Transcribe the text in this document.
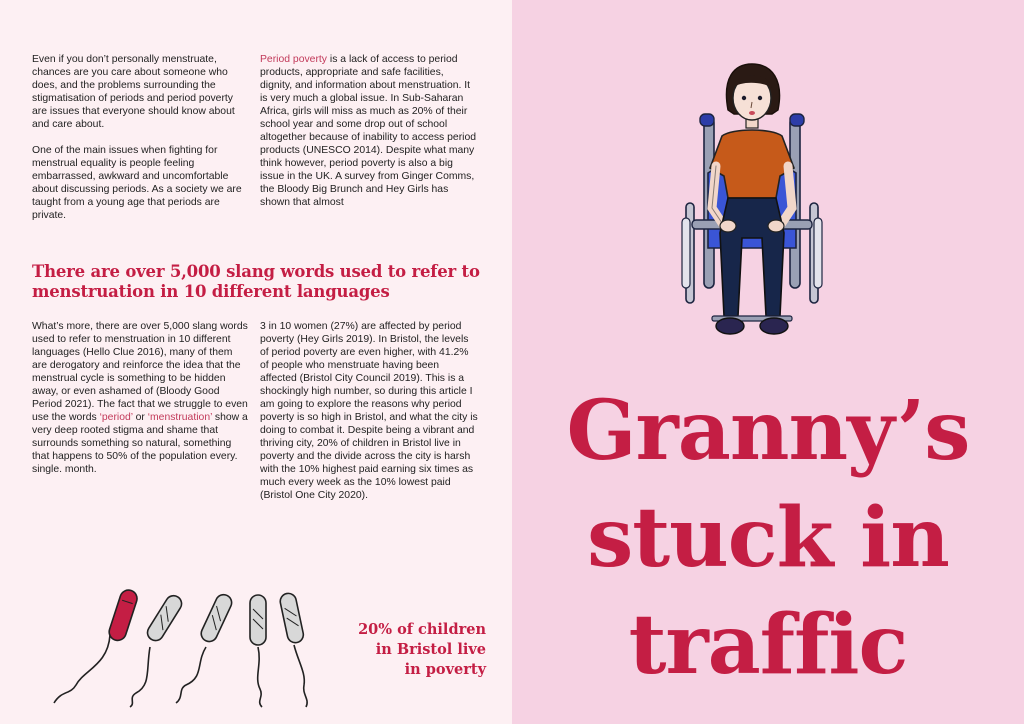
Even if you don’t personally menstruate, chances are you care about someone who does, and the problems surrounding the stigmatisation of periods and period poverty are issues that everyone should know about and care about.

One of the main issues when fighting for menstrual equality is people feeling embarrassed, awkward and uncomfortable about discussing periods. As a society we are taught from a young age that periods are private.

Period poverty is a lack of access to period products, appropriate and safe facilities, dignity, and information about menstruation. It is very much a global issue. In Sub-Saharan Africa, girls will miss as much as 20% of their school year and some drop out of school altogether because of inability to access period products (UNESCO 2014). Despite what many think however, period poverty is also a big issue in the UK. A survey from Ginger Comms, the Bloody Big Brunch and Hey Girls has shown that almost

There are over 5,000 slang words used to refer to menstruation in 10 different languages

What’s more, there are over 5,000 slang words used to refer to menstruation in 10 different languages (Hello Clue 2016), many of them are derogatory and reinforce the idea that the menstrual cycle is something to be hidden away, or even ashamed of (Bloody Good Period 2021). The fact that we struggle to even use the words ‘period’ or ‘menstruation’ show a very deep rooted stigma and shame that surrounds something so natural, something that happens to 50% of the population every. single. month.

3 in 10 women (27%) are affected by period poverty (Hey Girls 2019). In Bristol, the levels of period poverty are even higher, with 41.2% of people who menstruate having been affected (Bristol City Council 2019). This is a shockingly high number, so during this article I am going to explore the reasons why period poverty is so high in Bristol, and what the city is doing to combat it. Despite being a vibrant and thriving city, 20% of children in Bristol live in poverty and the divide across the city is harsh with the 10% highest paid earning six times as much every week as the 10% lowest paid (Bristol One City 2020).

20% of children
in Bristol live
in poverty
Granny’s
stuck in
traffic
